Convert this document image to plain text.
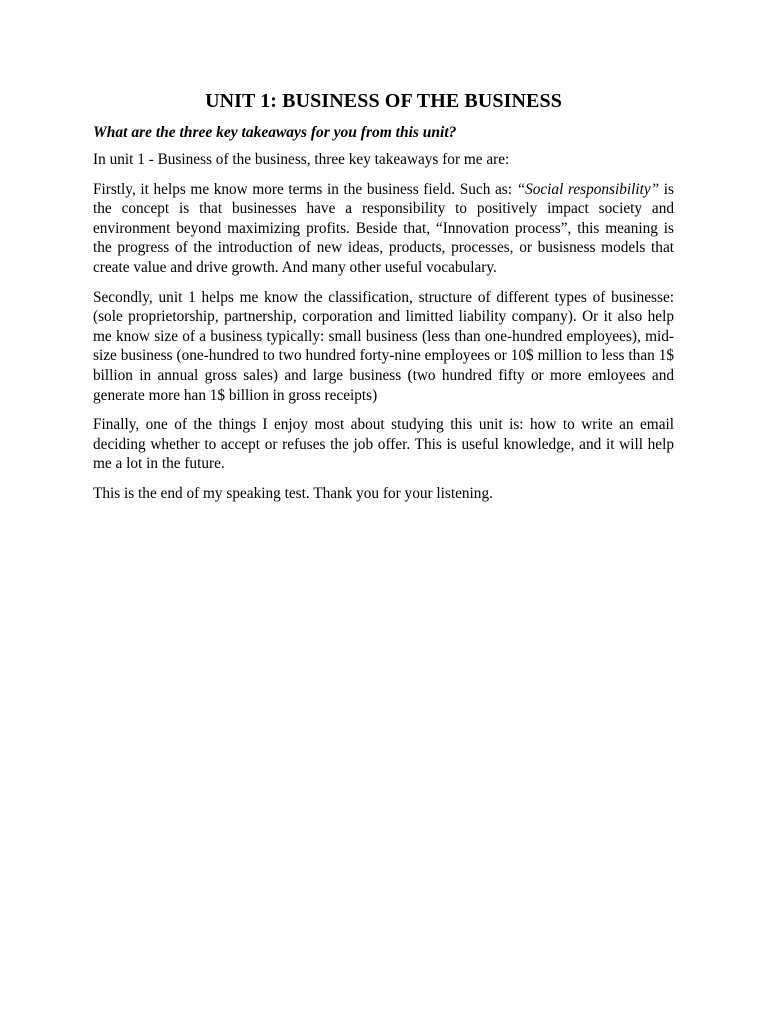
UNIT 1: BUSINESS OF THE BUSINESS
What are the three key takeaways for you from this unit?

In unit 1 - Business of the business, three key takeaways for me are:

Firstly, it helps me know more terms in the business field. Such as: “Social responsibility” is the concept is that businesses have a responsibility to positively impact society and environment beyond maximizing profits. Beside that, “Innovation process”, this meaning is the progress of the introduction of new ideas, products, processes, or busisness models that create value and drive growth. And many other useful vocabulary.

Secondly, unit 1 helps me know the classification, structure of different types of businesse: (sole proprietorship, partnership, corporation and limitted liability company). Or it also help me know size of a business typically: small business (less than one-hundred employees), mid-size business (one-hundred to two hundred forty-nine employees or 10$ million to less than 1$ billion in annual gross sales) and large business (two hundred fifty or more emloyees and generate more han 1$ billion in gross receipts)

Finally, one of the things I enjoy most about studying this unit is: how to write an email deciding whether to accept or refuses the job offer. This is useful knowledge, and it will help me a lot in the future.

This is the end of my speaking test. Thank you for your listening.
